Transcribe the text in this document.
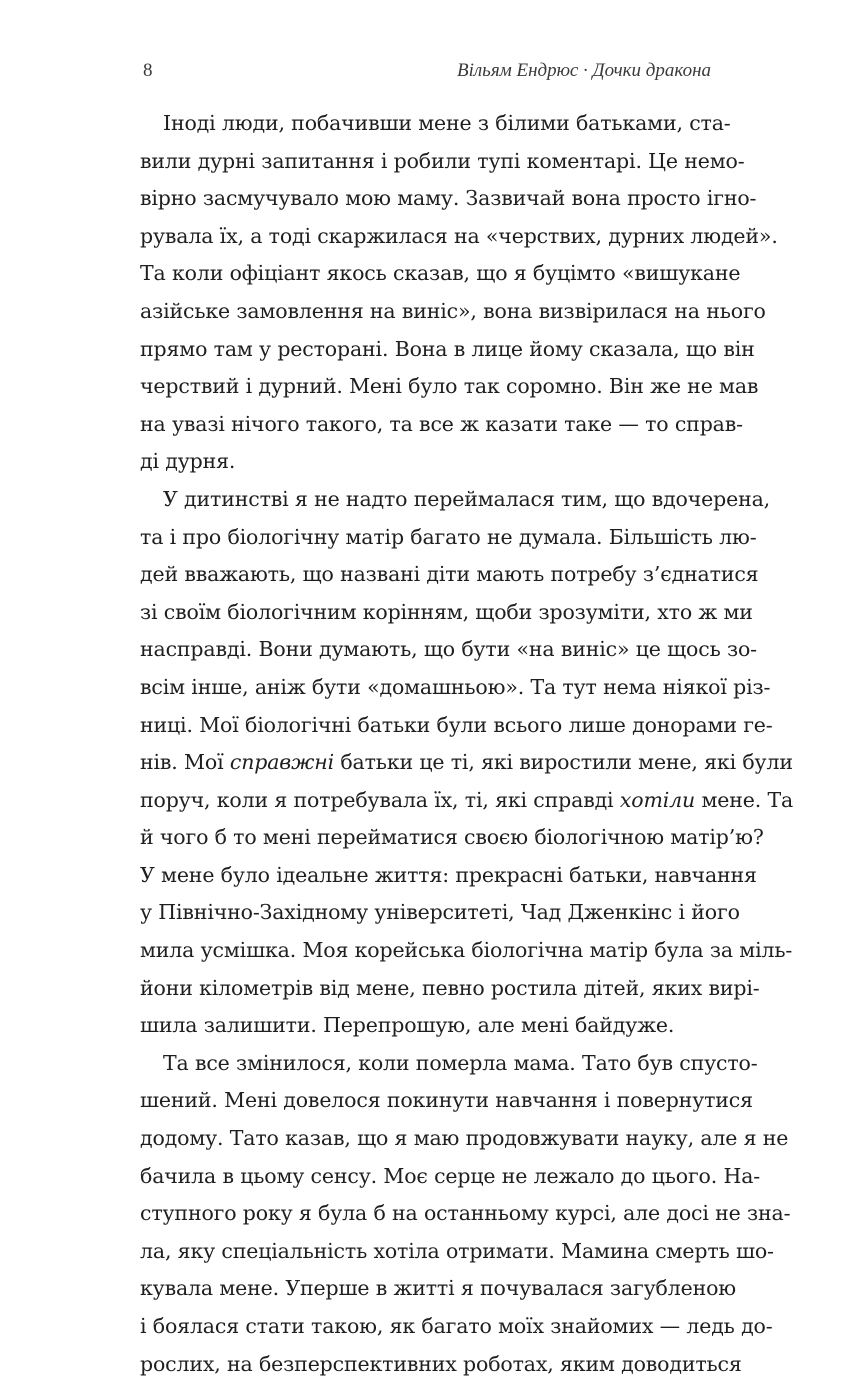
8	Вільям Ендрюс · Дочки дракона
Іноді люди, побачивши мене з білими батьками, ста-
вили дурні запитання і робили тупі коментарі. Це немо-
вірно засмучувало мою маму. Зазвичай вона просто ігно-
рувала їх, а тоді скаржилася на «черствих, дурних людей».
Та коли офіціант якось сказав, що я буцімто «вишукане
азійське замовлення на виніс», вона визвірилася на нього
прямо там у ресторані. Вона в лице йому сказала, що він
черствий і дурний. Мені було так соромно. Він же не мав
на увазі нічого такого, та все ж казати таке — то справ-
ді дурня.
У дитинстві я не надто переймалася тим, що вдочерена,
та і про біологічну матір багато не думала. Більшість лю-
дей вважають, що названі діти мають потребу з’єднатися
зі своїм біологічним корінням, щоби зрозуміти, хто ж ми
насправді. Вони думають, що бути «на виніс» це щось зо-
всім інше, аніж бути «домашньою». Та тут нема ніякої різ-
ниці. Мої біологічні батьки були всього лише донорами ге-
нів. Мої справжні батьки це ті, які виростили мене, які були
поруч, коли я потребувала їх, ті, які справді хотіли мене. Та
й чого б то мені перейматися своєю біологічною матір’ю?
У мене було ідеальне життя: прекрасні батьки, навчання
у Північно-Західному університеті, Чад Дженкінс і його
мила усмішка. Моя корейська біологічна матір була за міль-
йони кілометрів від мене, певно ростила дітей, яких вирі-
шила залишити. Перепрошую, але мені байдуже.
Та все змінилося, коли померла мама. Тато був спусто-
шений. Мені довелося покинути навчання і повернутися
додому. Тато казав, що я маю продовжувати науку, але я не
бачила в цьому сенсу. Моє серце не лежало до цього. На-
ступного року я була б на останньому курсі, але досі не зна-
ла, яку спеціальність хотіла отримати. Мамина смерть шо-
кувала мене. Уперше в житті я почувалася загубленою
і боялася стати такою, як багато моїх знайомих — ледь до-
рослих, на безперспективних роботах, яким доводиться
